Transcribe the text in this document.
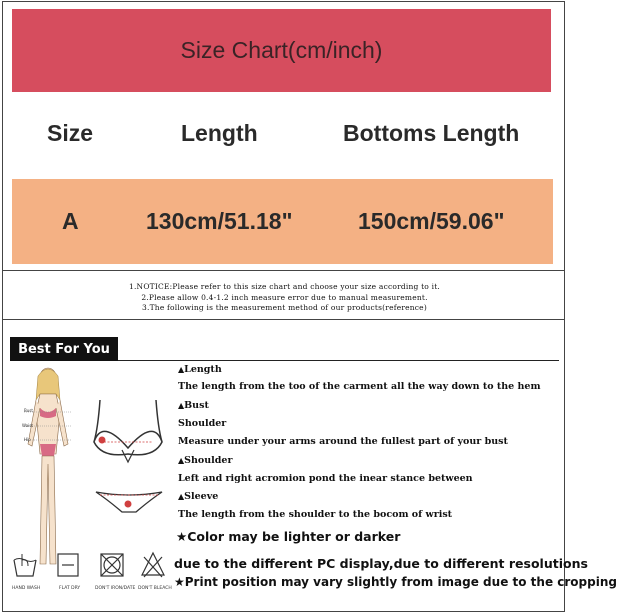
Size Chart(cm/inch)
Size	Length	Bottoms Length
A	130cm/51.18"	150cm/59.06"
1.NOTICE:Please refer to this size chart and choose your size according to it.
2.Please allow 0.4-1.2 inch measure error due to manual measurement.
3.The following is the measurement method of our products(reference)
Best For You
Bust
Waist
Hip
▲ Length
The length from the too of the carment all the way down to the hem
▲ Bust
Shoulder
Measure under your arms around the fullest part of your bust
▲ Shoulder
Left and right acromion pond the inear stance between
▲ Sleeve
The length from the shoulder to the bocom of wrist
★ Color may be lighter or darker
due to the different PC display,due to different resolutions
★ Print position may vary slightly from image due to the cropping
HAND WASH	FLAT DRY	DON'T IRON/DATE DON'T BLEACH
